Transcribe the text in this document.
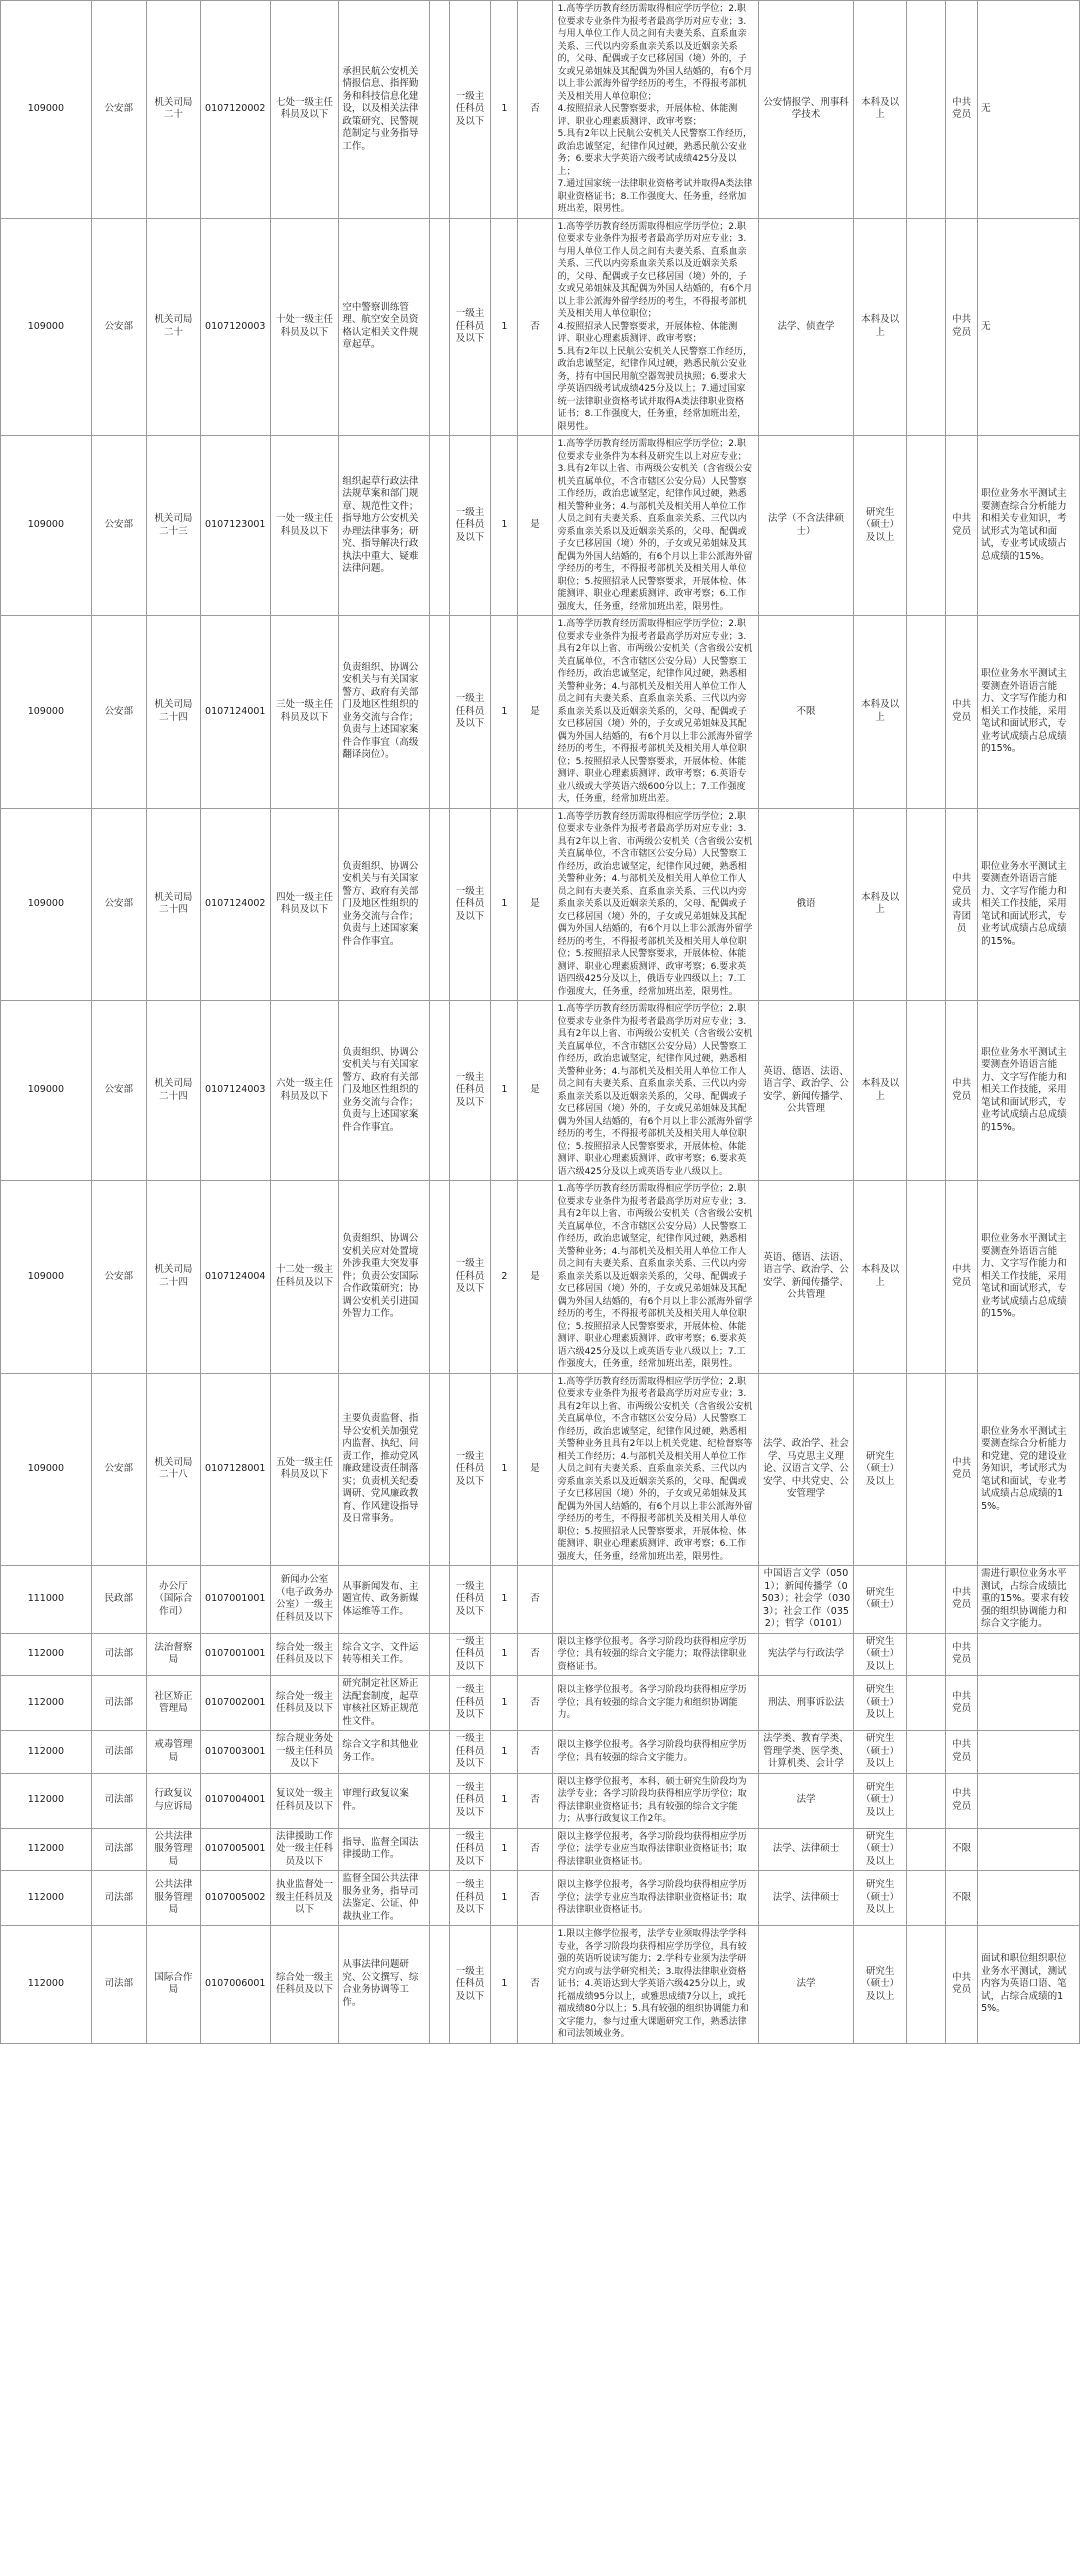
109000	公安部	机关司局二十	0107120002	七处一级主任科员及以下	承担民航公安机关情报信息、指挥勤务和科技信息化建设，以及相关法律政策研究、民警规范制定与业务指导工作。		一级主任科员及以下	1	否	1.高等学历教育经历需取得相应学历学位；2.职位要求专业条件为报考者最高学历对应专业；3.与用人单位工作人员之间有夫妻关系、直系血亲关系、三代以内旁系血亲关系以及近姻亲关系的，父母、配偶或子女已移居国（境）外的，子女或兄弟姐妹及其配偶为外国人结婚的，有6个月以上非公派海外留学经历的考生，不得报考部机关及相关用人单位职位；
4.按照招录人民警察要求，开展体检、体能测评、职业心理素质测评、政审考察；
5.具有2年以上民航公安机关人民警察工作经历，政治忠诚坚定，纪律作风过硬，熟悉民航公安业务；6.要求大学英语六级考试成绩425分及以上；
7.通过国家统一法律职业资格考试并取得A类法律职业资格证书；8.工作强度大、任务重，经常加班出差，限男性。	公安情报学、刑事科学技术	本科及以上		中共党员	无
109000	公安部	机关司局二十	0107120003	十处一级主任科员及以下	空中警察训练管理、航空安全员资格认定相关文件规章起草。		一级主任科员及以下	1	否	1.高等学历教育经历需取得相应学历学位；2.职位要求专业条件为报考者最高学历对应专业；3.与用人单位工作人员之间有夫妻关系、直系血亲关系、三代以内旁系血亲关系以及近姻亲关系的，父母、配偶或子女已移居国（境）外的，子女或兄弟姐妹及其配偶为外国人结婚的，有6个月以上非公派海外留学经历的考生，不得报考部机关及相关用人单位职位；
4.按照招录人民警察要求，开展体检、体能测评、职业心理素质测评、政审考察；
5.具有2年以上民航公安机关人民警察工作经历，政治忠诚坚定，纪律作风过硬，熟悉民航公安业务，持有中国民用航空器驾驶员执照；6.要求大学英语四级考试成绩425分及以上；7.通过国家统一法律职业资格考试并取得A类法律职业资格证书；8.工作强度大，任务重，经常加班出差，限男性。	法学、侦查学	本科及以上		中共党员	无
109000	公安部	机关司局二十三	0107123001	一处一级主任科员及以下	组织起草行政法律法规草案和部门规章、规范性文件；指导地方公安机关办理法律事务；研究、指导解决行政执法中重大、疑难法律问题。		一级主任科员及以下	1	是	1.高等学历教育经历需取得相应学历学位；2.职位要求专业条件为本科及研究生以上对应专业；3.具有2年以上省、市两级公安机关（含省级公安机关直属单位，不含市辖区公安分局）人民警察工作经历，政治忠诚坚定，纪律作风过硬，熟悉相关警种业务；4.与部机关及相关用人单位工作人员之间有夫妻关系、直系血亲关系、三代以内旁系血亲关系以及近姻亲关系的，父母、配偶或子女已移居国（境）外的，子女或兄弟姐妹及其配偶为外国人结婚的，有6个月以上非公派海外留学经历的考生，不得报考部机关及相关用人单位职位；5.按照招录人民警察要求，开展体检、体能测评、职业心理素质测评、政审考察；6.工作强度大，任务重，经常加班出差，限男性。	法学（不含法律硕士）	研究生（硕士）及以上		中共党员	职位业务水平测试主要测查综合分析能力和相关专业知识，考试形式为笔试和面试，专业考试成绩占总成绩的15%。
109000	公安部	机关司局二十四	0107124001	三处一级主任科员及以下	负责组织、协调公安机关与有关国家警方、政府有关部门及地区性组织的业务交流与合作；负责与上述国家案件合作事宜（高级翻译岗位）。		一级主任科员及以下	1	是	1.高等学历教育经历需取得相应学历学位；2.职位要求专业条件为报考者最高学历对应专业；3.具有2年以上省、市两级公安机关（含省级公安机关直属单位，不含市辖区公安分局）人民警察工作经历，政治忠诚坚定，纪律作风过硬，熟悉相关警种业务；4.与部机关及相关用人单位工作人员之间有夫妻关系、直系血亲关系、三代以内旁系血亲关系以及近姻亲关系的，父母、配偶或子女已移居国（境）外的，子女或兄弟姐妹及其配偶为外国人结婚的，有6个月以上非公派海外留学经历的考生，不得报考部机关及相关用人单位职位；5.按照招录人民警察要求，开展体检、体能测评、职业心理素质测评、政审考察；6.英语专业八级或大学英语六级600分以上；7.工作强度大，任务重，经常加班出差。	不限	本科及以上		中共党员	职位业务水平测试主要测查外语语言能力、文字写作能力和相关工作技能，采用笔试和面试形式，专业考试成绩占总成绩的15%。
109000	公安部	机关司局二十四	0107124002	四处一级主任科员及以下	负责组织、协调公安机关与有关国家警方、政府有关部门及地区性组织的业务交流与合作；负责与上述国家案件合作事宜。		一级主任科员及以下	1	是	1.高等学历教育经历需取得相应学历学位；2.职位要求专业条件为报考者最高学历对应专业；3.具有2年以上省、市两级公安机关（含省级公安机关直属单位，不含市辖区公安分局）人民警察工作经历，政治忠诚坚定，纪律作风过硬，熟悉相关警种业务；4.与部机关及相关用人单位工作人员之间有夫妻关系、直系血亲关系、三代以内旁系血亲关系以及近姻亲关系的，父母、配偶或子女已移居国（境）外的，子女或兄弟姐妹及其配偶为外国人结婚的，有6个月以上非公派海外留学经历的考生，不得报考部机关及相关用人单位职位；5.按照招录人民警察要求，开展体检、体能测评、职业心理素质测评、政审考察；6.要求英语四级425分及以上，俄语专业四级以上；7.工作强度大，任务重，经常加班出差，限男性。	俄语	本科及以上		中共党员或共青团员	职位业务水平测试主要测查外语语言能力、文字写作能力和相关工作技能，采用笔试和面试形式，专业考试成绩占总成绩的15%。
109000	公安部	机关司局二十四	0107124003	六处一级主任科员及以下	负责组织、协调公安机关与有关国家警方、政府有关部门及地区性组织的业务交流与合作；负责与上述国家案件合作事宜。		一级主任科员及以下	1	是	1.高等学历教育经历需取得相应学历学位；2.职位要求专业条件为报考者最高学历对应专业；3.具有2年以上省、市两级公安机关（含省级公安机关直属单位，不含市辖区公安分局）人民警察工作经历，政治忠诚坚定，纪律作风过硬，熟悉相关警种业务；4.与部机关及相关用人单位工作人员之间有夫妻关系、直系血亲关系、三代以内旁系血亲关系以及近姻亲关系的，父母、配偶或子女已移居国（境）外的，子女或兄弟姐妹及其配偶为外国人结婚的，有6个月以上非公派海外留学经历的考生，不得报考部机关及相关用人单位职位；5.按照招录人民警察要求，开展体检、体能测评、职业心理素质测评、政审考察；6.要求英语六级425分及以上或英语专业八级以上。	英语、德语、法语、语言学、政治学、公安学、新闻传播学、公共管理	本科及以上		中共党员	职位业务水平测试主要测查外语语言能力、文字写作能力和相关工作技能，采用笔试和面试形式，专业考试成绩占总成绩的15%。
109000	公安部	机关司局二十四	0107124004	十二处一级主任科员及以下	负责组织、协调公安机关应对处置境外涉我重大突发事件；负责公安国际合作政策研究；协调公安机关引进国外智力工作。		一级主任科员及以下	2	是	1.高等学历教育经历需取得相应学历学位；2.职位要求专业条件为报考者最高学历对应专业；3.具有2年以上省、市两级公安机关（含省级公安机关直属单位，不含市辖区公安分局）人民警察工作经历，政治忠诚坚定，纪律作风过硬，熟悉相关警种业务；4.与部机关及相关用人单位工作人员之间有夫妻关系、直系血亲关系、三代以内旁系血亲关系以及近姻亲关系的，父母、配偶或子女已移居国（境）外的，子女或兄弟姐妹及其配偶为外国人结婚的，有6个月以上非公派海外留学经历的考生，不得报考部机关及相关用人单位职位；5.按照招录人民警察要求，开展体检、体能测评、职业心理素质测评、政审考察；6.要求英语六级425分及以上或英语专业八级以上；7.工作强度大，任务重，经常加班出差，限男性。	英语、德语、法语、语言学、政治学、公安学、新闻传播学、公共管理	本科及以上		中共党员	职位业务水平测试主要测查外语语言能力、文字写作能力和相关工作技能，采用笔试和面试形式，专业考试成绩占总成绩的15%。
109000	公安部	机关司局二十八	0107128001	五处一级主任科员及以下	主要负责监督、指导公安机关加强党内监督、执纪、问责工作，推动党风廉政建设责任制落实；负责机关纪委调研、党风廉政教育、作风建设指导及日常事务。		一级主任科员及以下	1	是	1.高等学历教育经历需取得相应学历学位；2.职位要求专业条件为报考者最高学历对应专业；3.具有2年以上省、市两级公安机关（含省级公安机关直属单位，不含市辖区公安分局）人民警察工作经历，政治忠诚坚定，纪律作风过硬，熟悉相关警种业务且具有2年以上机关党建、纪检督察等相关工作经历；4.与部机关及相关用人单位工作人员之间有夫妻关系、直系血亲关系、三代以内旁系血亲关系以及近姻亲关系的，父母、配偶或子女已移居国（境）外的，子女或兄弟姐妹及其配偶为外国人结婚的，有6个月以上非公派海外留学经历的考生，不得报考部机关及相关用人单位职位；5.按照招录人民警察要求，开展体检、体能测评、职业心理素质测评、政审考察；6.工作强度大，任务重，经常加班出差，限男性。	法学、政治学、社会学、马克思主义理论、汉语言文学、公安学、中共党史、公安管理学	研究生（硕士）及以上		中共党员	职位业务水平测试主要测查综合分析能力和党建、党的建设业务知识，考试形式为笔试和面试，专业考试成绩占总成绩的15%。
111000	民政部	办公厅（国际合作司）	0107001001	新闻办公室（电子政务办公室）一级主任科员及以下	从事新闻发布、主题宣传、政务新媒体运维等工作。		一级主任科员及以下	1	否		中国语言文学（0501）；新闻传播学（0503）；社会学（0303）；社会工作（0352）；哲学（0101）	研究生（硕士）		中共党员	需进行职位业务水平测试，占综合成绩比重的15%。要求有较强的组织协调能力和综合文字能力。
112000	司法部	法治督察局	0107001001	综合处一级主任科员及以下	综合文字、文件运转等相关工作。		一级主任科员及以下	1	否	限以主修学位报考。各学习阶段均获得相应学历学位；具有较强的综合文字能力；取得法律职业资格证书。	宪法学与行政法学	研究生（硕士）及以上		中共党员	
112000	司法部	社区矫正管理局	0107002001	综合处一级主任科员及以下	研究制定社区矫正法配套制度，起草审核社区矫正规范性文件。		一级主任科员及以下	1	否	限以主修学位报考。各学习阶段均获得相应学历学位；具有较强的综合文字能力和组织协调能力。	刑法、刑事诉讼法	研究生（硕士）及以上		中共党员	
112000	司法部	戒毒管理局	0107003001	综合规业务处一级主任科员及以下	综合文字和其他业务工作。		一级主任科员及以下	1	否	限以主修学位报考。各学习阶段均获得相应学历学位；具有较强的综合文字能力。	法学类、教育学类、管理学类、医学类、计算机类、会计学	研究生（硕士）及以上		中共党员	
112000	司法部	行政复议与应诉局	0107004001	复议处一级主任科员及以下	审理行政复议案件。		一级主任科员及以下	1	否	限以主修学位报考，本科、硕士研究生阶段均为法学专业；各学习阶段均获得相应学历学位；取得法律职业资格证书；具有较强的综合文字能力；从事行政复议工作2年。	法学	研究生（硕士）及以上		中共党员	
112000	司法部	公共法律服务管理局	0107005001	法律援助工作处一级主任科员及以下	指导、监督全国法律援助工作。		一级主任科员及以下	1	否	限以主修学位报考，各学习阶段均获得相应学历学位；法学专业应当取得法律职业资格证书；取得法律职业资格证书。	法学、法律硕士	研究生（硕士）及以上		不限	
112000	司法部	公共法律服务管理局	0107005002	执业监督处一级主任科员及以下	监督全国公共法律服务业务，指导司法鉴定、公证、仲裁执业工作。		一级主任科员及以下	1	否	限以主修学位报考，各学习阶段均获得相应学历学位；法学专业应当取得法律职业资格证书；取得法律职业资格证书。	法学、法律硕士	研究生（硕士）及以上		不限	
112000	司法部	国际合作局	0107006001	综合处一级主任科员及以下	从事法律问题研究、公文撰写、综合业务协调等工作。		一级主任科员及以下	1	否	1.限以主修学位报考，法学专业须取得法学学科专业，各学习阶段均获得相应学历学位，具有较强的英语听说读写能力；2.学科专业须为法学研究方向或与法学研究相关；3.取得法律职业资格证书；4.英语达到大学英语六级425分以上，或托福成绩95分以上，或雅思成绩7分以上，或托福成绩80分以上；5.具有较强的组织协调能力和文字能力，参与过重大课题研究工作，熟悉法律和司法领域业务。	法学	研究生（硕士）及以上		中共党员	面试和职位组织职位业务水平测试，测试内容为英语口语、笔试，占综合成绩的15%。
